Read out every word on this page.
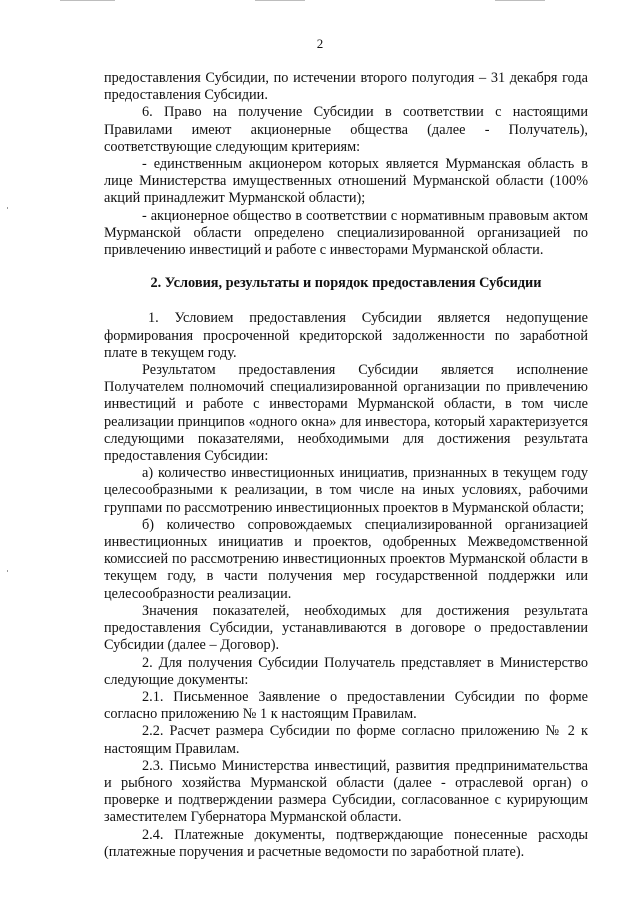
2

предоставления Субсидии, по истечении второго полугодия – 31 декабря года предоставления Субсидии.

6. Право на получение Субсидии в соответствии с настоящими Правилами имеют акционерные общества (далее - Получатель), соответствующие следующим критериям:

- единственным акционером которых является Мурманская область в лице Министерства имущественных отношений Мурманской области (100% акций принадлежит Мурманской области);

- акционерное общество в соответствии с нормативным правовым актом Мурманской области определено специализированной организацией по привлечению инвестиций и работе с инвесторами Мурманской области.

2. Условия, результаты и порядок предоставления Субсидии

1. Условием предоставления Субсидии является недопущение формирования просроченной кредиторской задолженности по заработной плате в текущем году.

Результатом предоставления Субсидии является исполнение Получателем полномочий специализированной организации по привлечению инвестиций и работе с инвесторами Мурманской области, в том числе реализации принципов «одного окна» для инвестора, который характеризуется следующими показателями, необходимыми для достижения результата предоставления Субсидии:

а) количество инвестиционных инициатив, признанных в текущем году целесообразными к реализации, в том числе на иных условиях, рабочими группами по рассмотрению инвестиционных проектов в Мурманской области;

б) количество сопровождаемых специализированной организацией инвестиционных инициатив и проектов, одобренных Межведомственной комиссией по рассмотрению инвестиционных проектов Мурманской области в текущем году, в части получения мер государственной поддержки или целесообразности реализации.

Значения показателей, необходимых для достижения результата предоставления Субсидии, устанавливаются в договоре о предоставлении Субсидии (далее – Договор).

2. Для получения Субсидии Получатель представляет в Министерство следующие документы:

2.1. Письменное Заявление о предоставлении Субсидии по форме согласно приложению № 1 к настоящим Правилам.

2.2. Расчет размера Субсидии по форме согласно приложению № 2 к настоящим Правилам.

2.3. Письмо Министерства инвестиций, развития предпринимательства и рыбного хозяйства Мурманской области (далее - отраслевой орган) о проверке и подтверждении размера Субсидии, согласованное с курирующим заместителем Губернатора Мурманской области.

2.4. Платежные документы, подтверждающие понесенные расходы (платежные поручения и расчетные ведомости по заработной плате).
